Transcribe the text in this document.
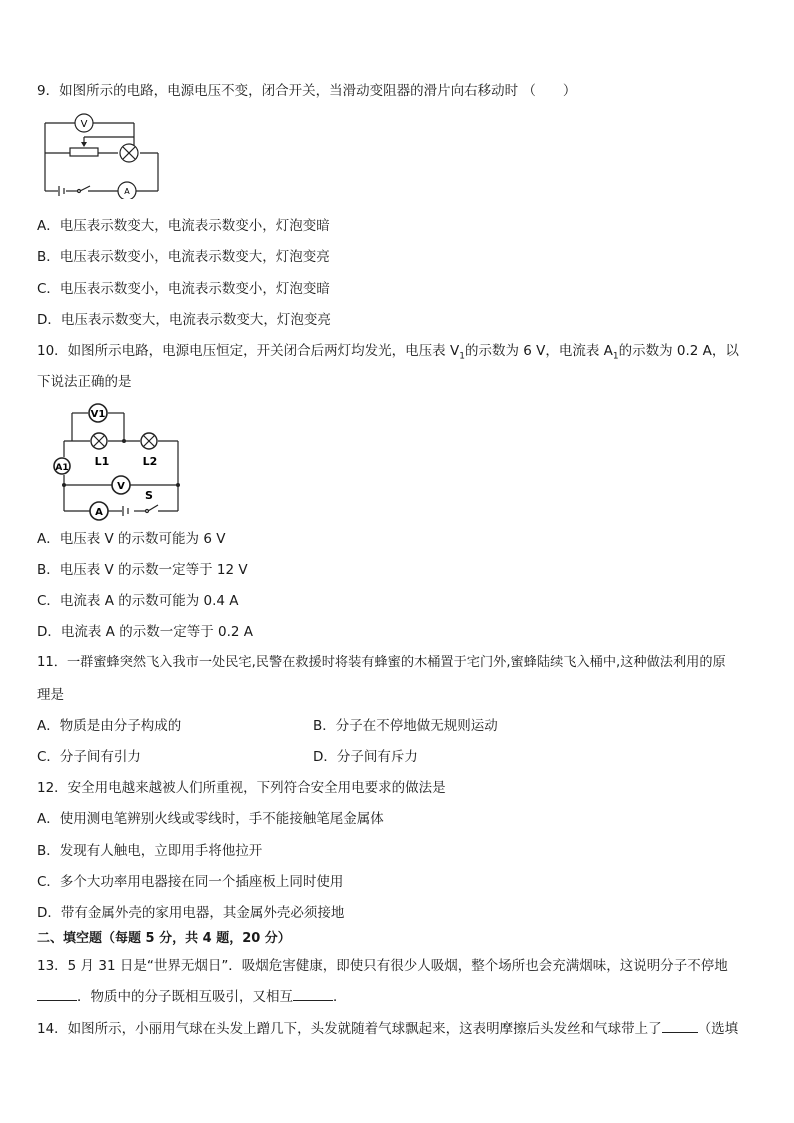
9．如图所示的电路，电源电压不变，闭合开关，当滑动变阻器的滑片向右移动时 （　　）
V
A
A．电压表示数变大，电流表示数变小，灯泡变暗
B．电压表示数变小，电流表示数变大，灯泡变亮
C．电压表示数变小，电流表示数变小，灯泡变暗
D．电压表示数变大，电流表示数变大，灯泡变亮
10．如图所示电路，电源电压恒定，开关闭合后两灯均发光，电压表 $V_1$的示数为 6 V，电流表 $A_1$的示数为 0.2 A，以
下说法正确的是
V1
L1	L2
A1
V
A
S
A．电压表 V 的示数可能为 6 V
B．电压表 V 的示数一定等于 12 V
C．电流表 A 的示数可能为 0.4 A
D．电流表 A 的示数一定等于 0.2 A
11．一群蜜蜂突然飞入我市一处民宅,民警在救援时将装有蜂蜜的木桶置于宅门外,蜜蜂陆续飞入桶中,这种做法利用的原
理是
A．物质是由分子构成的	B．分子在不停地做无规则运动
C．分子间有引力	D．分子间有斥力
12．安全用电越来越被人们所重视，下列符合安全用电要求的做法是
A．使用测电笔辨别火线或零线时，手不能接触笔尾金属体
B．发现有人触电，立即用手将他拉开
C．多个大功率用电器接在同一个插座板上同时使用
D．带有金属外壳的家用电器，其金属外壳必须接地
二、填空题（每题 5 分，共 4 题，20 分）
13．5 月 31 日是“世界无烟日”．吸烟危害健康，即使只有很少人吸烟，整个场所也会充满烟味，这说明分子不停地
．物质中的分子既相互吸引，又相互	．
14．如图所示，小丽用气球在头发上蹭几下，头发就随着气球飘起来，这表明摩擦后头发丝和气球带上了	（选填
